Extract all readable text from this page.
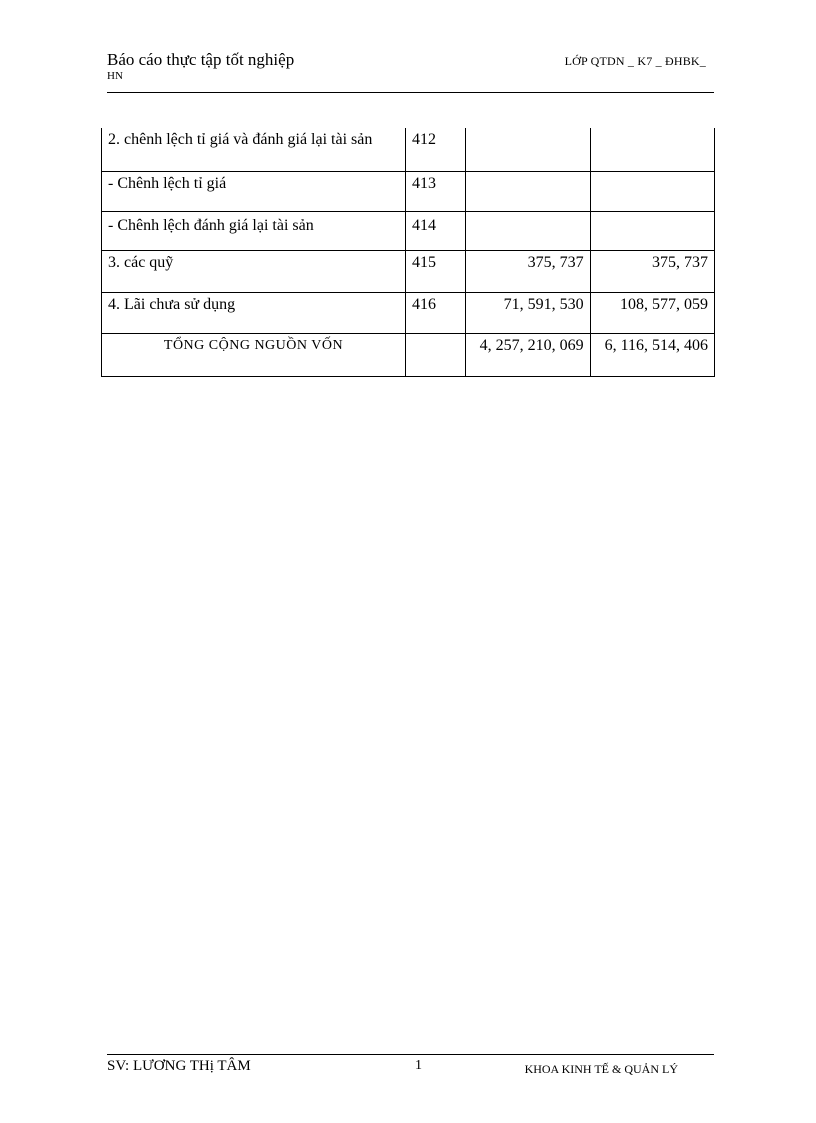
Báo cáo thực tập tốt nghiệp	LỚP QTDN _ K7 _ ĐHBK_
HN
2. chênh lệch tỉ giá và đánh giá lại tài sản	412		
- Chênh lệch tỉ giá	413		
- Chênh lệch đánh giá lại tài sản	414		
3. các quỹ	415	375, 737	375, 737
4. Lãi chưa sử dụng	416	71, 591, 530	108, 577, 059
TỔNG CỘNG NGUỒN VỐN		4, 257, 210, 069	6, 116, 514, 406
SV: LƯƠNG THị TÂM	1	KHOA KINH TẾ & QUẢN LÝ
